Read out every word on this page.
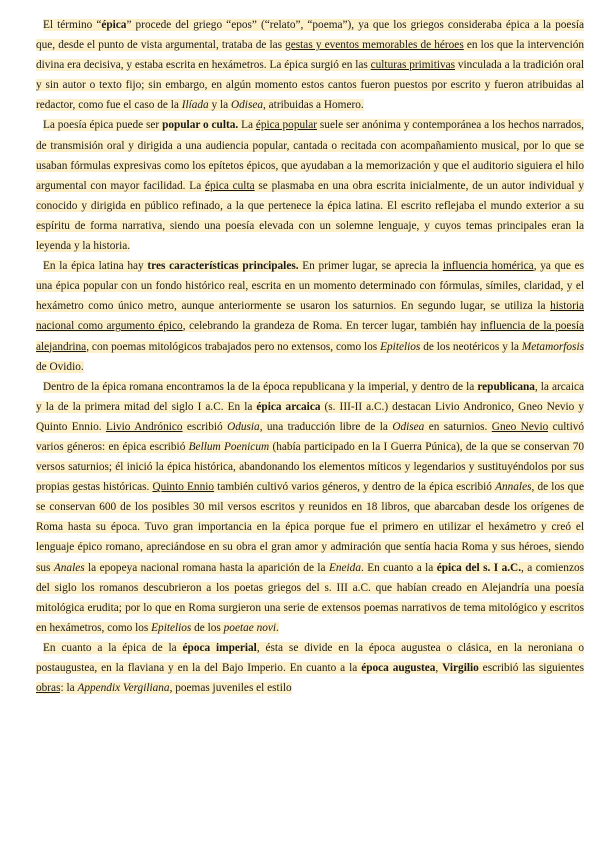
El término “épica” procede del griego “epos” (“relato”, “poema”), ya que los griegos consideraba épica a la poesía que, desde el punto de vista argumental, trataba de las gestas y eventos memorables de héroes en los que la intervención divina era decisiva, y estaba escrita en hexámetros. La épica surgió en las culturas primitivas vinculada a la tradición oral y sin autor o texto fijo; sin embargo, en algún momento estos cantos fueron puestos por escrito y fueron atribuidas al redactor, como fue el caso de la Ilíada y la Odisea, atribuidas a Homero.

La poesía épica puede ser popular o culta. La épica popular suele ser anónima y contemporánea a los hechos narrados, de transmisión oral y dirigida a una audiencia popular, cantada o recitada con acompañamiento musical, por lo que se usaban fórmulas expresivas como los epítetos épicos, que ayudaban a la memorización y que el auditorio siguiera el hilo argumental con mayor facilidad. La épica culta se plasmaba en una obra escrita inicialmente, de un autor individual y conocido y dirigida en público refinado, a la que pertenece la épica latina. El escrito reflejaba el mundo exterior a su espíritu de forma narrativa, siendo una poesía elevada con un solemne lenguaje, y cuyos temas principales eran la leyenda y la historia.

En la épica latina hay tres características principales. En primer lugar, se aprecia la influencia homérica, ya que es una épica popular con un fondo histórico real, escrita en un momento determinado con fórmulas, símiles, claridad, y el hexámetro como único metro, aunque anteriormente se usaron los saturnios. En segundo lugar, se utiliza la historia nacional como argumento épico, celebrando la grandeza de Roma. En tercer lugar, también hay influencia de la poesía alejandrina, con poemas mitológicos trabajados pero no extensos, como los Epitelios de los neotéricos y la Metamorfosis de Ovidio.

Dentro de la épica romana encontramos la de la época republicana y la imperial, y dentro de la republicana, la arcaica y la de la primera mitad del siglo I a.C. En la épica arcaica (s. III-II a.C.) destacan Livio Andronico, Gneo Nevio y Quinto Ennio. Livio Andrónico escribió Odusia, una traducción libre de la Odisea en saturnios. Gneo Nevio cultivó varios géneros: en épica escribió Bellum Poenicum (había participado en la I Guerra Púnica), de la que se conservan 70 versos saturnios; él inició la épica histórica, abandonando los elementos míticos y legendarios y sustituyéndolos por sus propias gestas históricas. Quinto Ennio también cultivó varios géneros, y dentro de la épica escribió Annales, de los que se conservan 600 de los posibles 30 mil versos escritos y reunidos en 18 libros, que abarcaban desde los orígenes de Roma hasta su época. Tuvo gran importancia en la épica porque fue el primero en utilizar el hexámetro y creó el lenguaje épico romano, apreciándose en su obra el gran amor y admiración que sentía hacia Roma y sus héroes, siendo sus Anales la epopeya nacional romana hasta la aparición de la Eneida. En cuanto a la épica del s. I a.C., a comienzos del siglo los romanos descubrieron a los poetas griegos del s. III a.C. que habían creado en Alejandría una poesía mitológica erudita; por lo que en Roma surgieron una serie de extensos poemas narrativos de tema mitológico y escritos en hexámetros, como los Epitelios de los poetae novi.

En cuanto a la épica de la época imperial, ésta se divide en la época augustea o clásica, en la neroniana o postaugustea, en la flaviana y en la del Bajo Imperio. En cuanto a la época augustea, Virgilio escribió las siguientes obras: la Appendix Vergiliana, poemas juveniles el estilo
